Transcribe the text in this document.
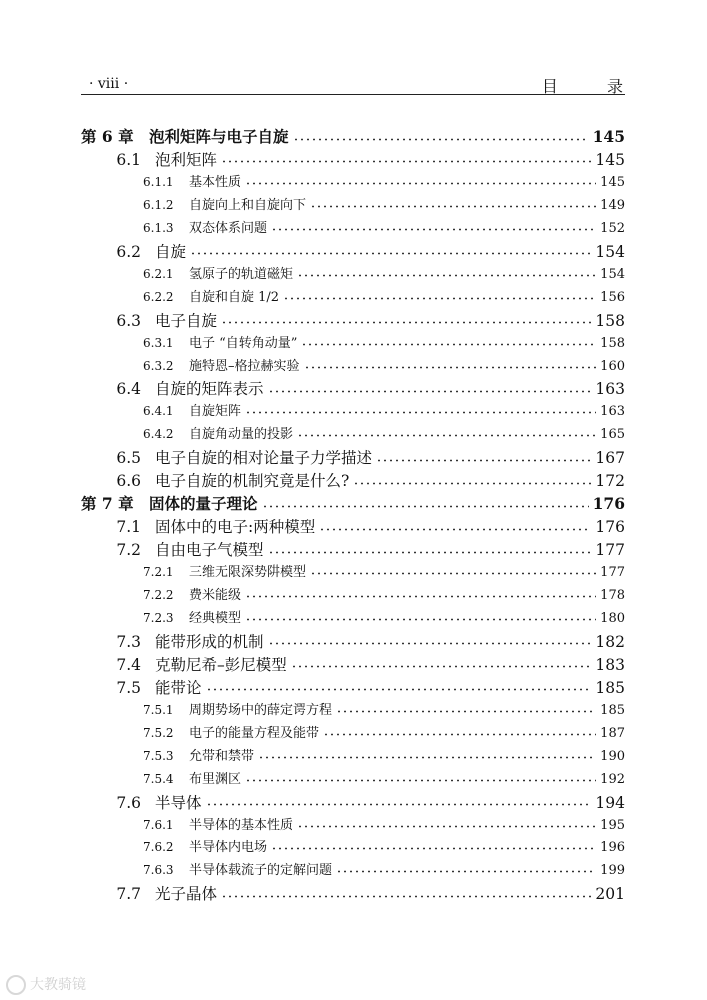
· viii ·	目 录
第 6 章 泡利矩阵与电子自旋	145
6.1 泡利矩阵	145
6.1.1	基本性质	145
6.1.2	自旋向上和自旋向下	149
6.1.3	双态体系问题	152
6.2 自旋	154
6.2.1	氢原子的轨道磁矩	154
6.2.2	自旋和自旋 1/2	156
6.3 电子自旋	158
6.3.1	电子 “自转角动量”	158
6.3.2	施特恩–格拉赫实验	160
6.4 自旋的矩阵表示	163
6.4.1	自旋矩阵	163
6.4.2	自旋角动量的投影	165
6.5 电子自旋的相对论量子力学描述	167
6.6 电子自旋的机制究竟是什么?	172
第 7 章 固体的量子理论	176
7.1 固体中的电子:两种模型	176
7.2 自由电子气模型	177
7.2.1	三维无限深势阱模型	177
7.2.2	费米能级	178
7.2.3	经典模型	180
7.3 能带形成的机制	182
7.4 克勒尼希–彭尼模型	183
7.5 能带论	185
7.5.1	周期势场中的薛定谔方程	185
7.5.2	电子的能量方程及能带	187
7.5.3	允带和禁带	190
7.5.4	布里渊区	192
7.6 半导体	194
7.6.1	半导体的基本性质	195
7.6.2	半导体内电场	196
7.6.3	半导体载流子的定解问题	199
7.7 光子晶体	201
大教骑镜
